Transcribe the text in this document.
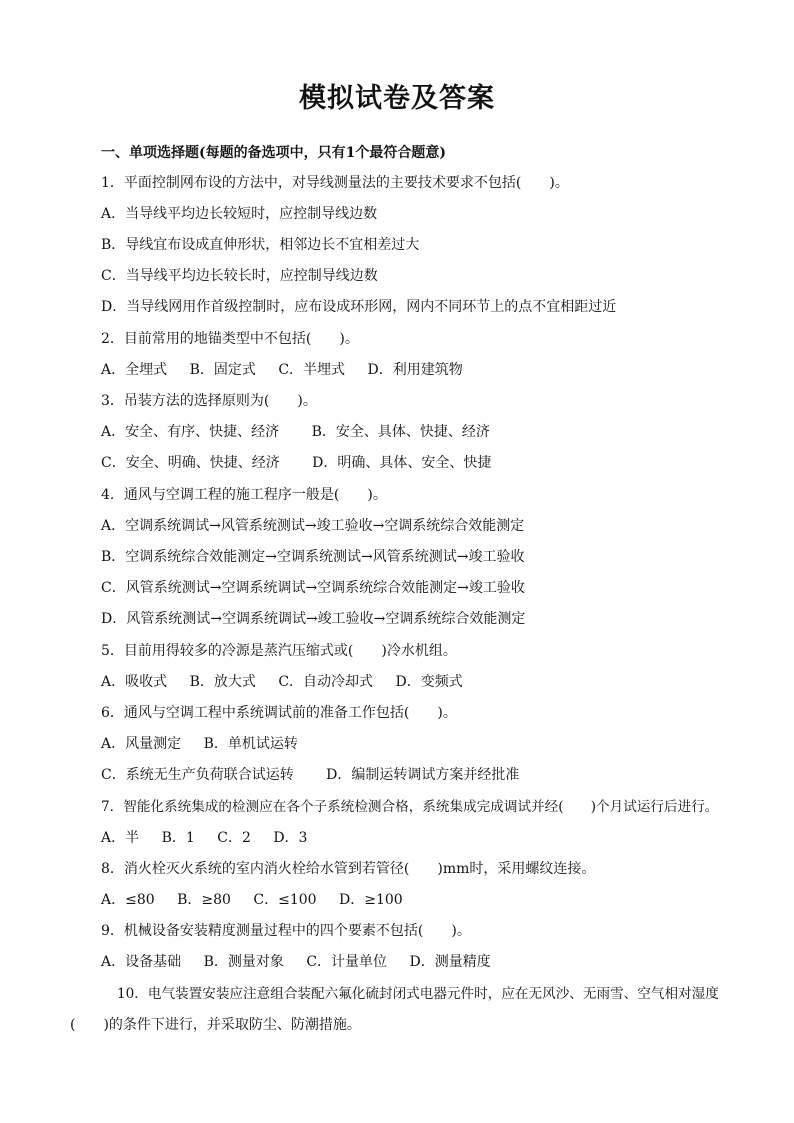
模拟试卷及答案
一、单项选择题(每题的备选项中，只有1个最符合题意)
1．平面控制网布设的方法中，对导线测量法的主要技术要求不包括(　　)。
A．当导线平均边长较短时，应控制导线边数
B．导线宜布设成直伸形状，相邻边长不宜相差过大
C．当导线平均边长较长时，应控制导线边数
D．当导线网用作首级控制时，应布设成环形网，网内不同环节上的点不宜相距过近
2．目前常用的地锚类型中不包括(　　)。
A．全埋式 B．固定式 C．半埋式 D．利用建筑物
3．吊装方法的选择原则为(　　)。
A．安全、有序、快捷、经济 B．安全、具体、快捷、经济
C．安全、明确、快捷、经济 D．明确、具体、安全、快捷
4．通风与空调工程的施工程序一般是(　　)。
A．空调系统调试→风管系统测试→竣工验收→空调系统综合效能测定
B．空调系统综合效能测定→空调系统测试→风管系统测试→竣工验收
C．风管系统测试→空调系统调试→空调系统综合效能测定→竣工验收
D．风管系统测试→空调系统调试→竣工验收→空调系统综合效能测定
5．目前用得较多的冷源是蒸汽压缩式或(　　)冷水机组。
A．吸收式 B．放大式 C．自动冷却式 D．变频式
6．通风与空调工程中系统调试前的准备工作包括(　　)。
A．风量测定 B．单机试运转
C．系统无生产负荷联合试运转 D．编制运转调试方案并经批准
7．智能化系统集成的检测应在各个子系统检测合格，系统集成完成调试并经(　　)个月试运行后进行。
A．半 B．1 C．2 D．3
8．消火栓灭火系统的室内消火栓给水管到若管径(　　)mm时，采用螺纹连接。
A．≤80 B．≥80 C．≤100 D．≥100
9．机械设备安装精度测量过程中的四个要素不包括(　　)。
A．设备基础 B．测量对象 C．计量单位 D．测量精度
10．电气装置安装应注意组合装配六氟化硫封闭式电器元件时，应在无风沙、无雨雪、空气相对湿度
(　　)的条件下进行，并采取防尘、防潮措施。
